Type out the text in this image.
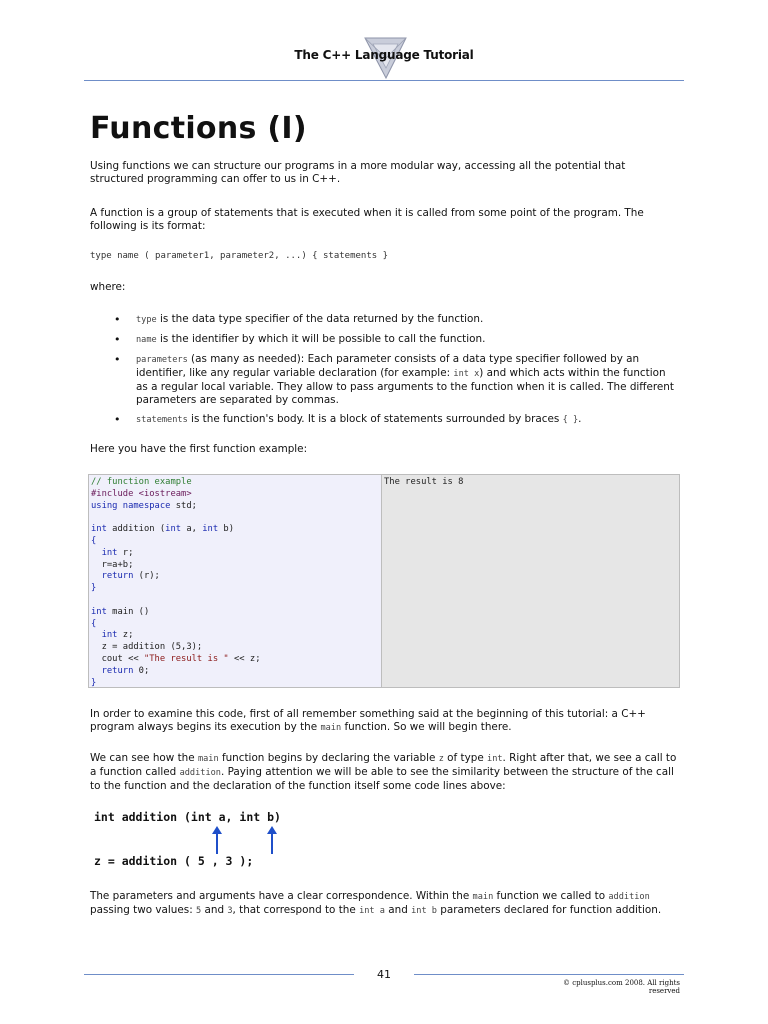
The C++ Language Tutorial
Functions (I)

Using functions we can structure our programs in a more modular way, accessing all the potential that structured programming can offer to us in C++.

A function is a group of statements that is executed when it is called from some point of the program. The following is its format:

type name ( parameter1, parameter2, ...) { statements }

where:

• type is the data type specifier of the data returned by the function.
• name is the identifier by which it will be possible to call the function.
• parameters (as many as needed): Each parameter consists of a data type specifier followed by an identifier, like any regular variable declaration (for example: int x) and which acts within the function as a regular local variable. They allow to pass arguments to the function when it is called. The different parameters are separated by commas.
• statements is the function's body. It is a block of statements surrounded by braces { }.

Here you have the first function example:

// function example
#include <iostream>
using namespace std;

int addition (int a, int b)
{
int r;
r=a+b;
return (r);
}

int main ()
{
int z;
z = addition (5,3);
cout << "The result is " << z;
return 0;
}
The result is 8

In order to examine this code, first of all remember something said at the beginning of this tutorial: a C++ program always begins its execution by the main function. So we will begin there.

We can see how the main function begins by declaring the variable z of type int. Right after that, we see a call to a function called addition. Paying attention we will be able to see the similarity between the structure of the call to the function and the declaration of the function itself some code lines above:

int addition (int a, int b)
z = addition ( 5 , 3 );

The parameters and arguments have a clear correspondence. Within the main function we called to addition passing two values: 5 and 3, that correspond to the int a and int b parameters declared for function addition.

41
© cplusplus.com 2008. All rights reserved
